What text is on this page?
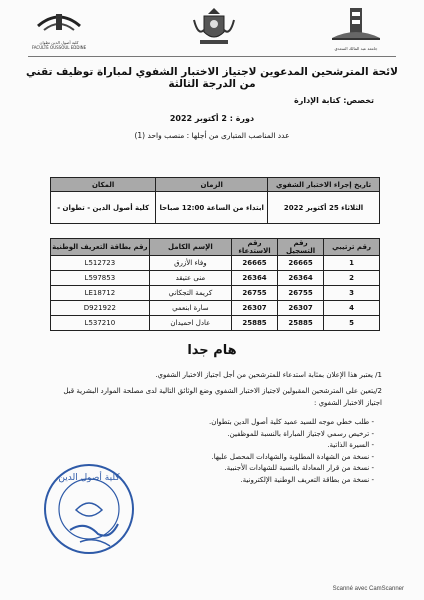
جامعة عبد المالك السعدي
كلية أصول الدين تطوان
FACULTÉ OUSSOUL EDDINE
لائحة المترشحين المدعوين لاجتياز الاختبار الشفوي لمباراة توظيف تقني من الدرجة الثالثة
تخصص: كتابة الإدارة
دورة : 2 أكتوبر 2022
عدد المناصب المتبارى من أجلها : منصب واحد (1)
تاريخ إجراء الاختبار الشفوي	الزمان	المكان
الثلاثاء 25 أكتوبر 2022	ابتداء من الساعة 12:00 صباحا	كلية أصول الدين - تطوان -
رقم ترتيبي	رقم التسجيل	رقم الاستدعاء	الإسم الكامل	رقم بطاقة التعريف الوطنية
1	26665	26665	وفاء الأزرق	L512723
2	26364	26364	منى عتيقد	L597853
3	26755	26755	كريمة التجكاني	LE18712
4	26307	26307	سارة ابنعمي	D921922
5	25885	25885	عادل احميدان	L537210
هام جدا
1/ يعتبر هذا الإعلان بمثابة استدعاء للمترشحين من أجل اجتياز الاختبار الشفوي.
2/يتعين على المترشحين المقبولين لاجتياز الاختبار الشفوي وضع الوثائق التالية لدى مصلحة الموارد البشرية قبل
اجتياز الاختبار الشفوي :
- طلب خطي موجه للسيد عميد كلية أصول الدين بتطوان.
- ترخيص رسمي لاجتياز المباراة بالنسبة للموظفين.
- السيرة الذاتية.
- نسخة من الشهادة المطلوبة والشهادات المحصل عليها.
- نسخة من قرار المعادلة بالنسبة للشهادات الأجنبية.
- نسخة من بطاقة التعريف الوطنية الإلكترونية.
كلية أصول الدين
Scanné avec CamScanner
